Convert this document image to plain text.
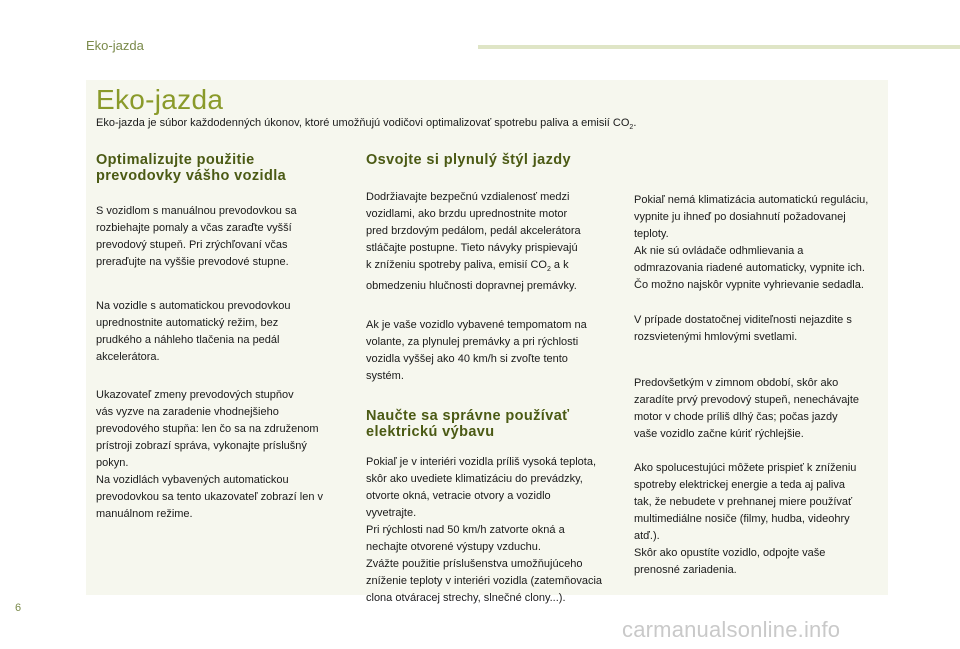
Eko-jazda
Eko-jazda
Eko-jazda je súbor každodenných úkonov, ktoré umožňujú vodičovi optimalizovať spotrebu paliva a emisií $CO_2$.
Optimalizujte použitie
prevodovky vášho vozidla

S vozidlom s manuálnou prevodovkou sa
rozbiehajte pomaly a včas zaraďte vyšší
prevodový stupeň. Pri zrýchľovaní včas
preraďujte na vyššie prevodové stupne.

Na vozidle s automatickou prevodovkou
uprednostnite automatický režim, bez
prudkého a náhleho tlačenia na pedál
akcelerátora.

Ukazovateľ zmeny prevodových stupňov
vás vyzve na zaradenie vhodnejšieho
prevodového stupňa: len čo sa na združenom
prístroji zobrazí správa, vykonajte príslušný
pokyn.
Na vozidlách vybavených automatickou
prevodovkou sa tento ukazovateľ zobrazí len v
manuálnom režime.

Osvojte si plynulý štýl jazdy

Dodržiavajte bezpečnú vzdialenosť medzi
vozidlami, ako brzdu uprednostnite motor
pred brzdovým pedálom, pedál akcelerátora
stláčajte postupne. Tieto návyky prispievajú
k zníženiu spotreby paliva, emisií $CO_2$ a k
obmedzeniu hlučnosti dopravnej premávky.

Ak je vaše vozidlo vybavené tempomatom na
volante, za plynulej premávky a pri rýchlosti
vozidla vyššej ako 40 km/h si zvoľte tento
systém.

Naučte sa správne používať
elektrickú výbavu

Pokiaľ je v interiéri vozidla príliš vysoká teplota,
skôr ako uvediete klimatizáciu do prevádzky,
otvorte okná, vetracie otvory a vozidlo
vyvetrajte.
Pri rýchlosti nad 50 km/h zatvorte okná a
nechajte otvorené výstupy vzduchu.
Zvážte použitie príslušenstva umožňujúceho
zníženie teploty v interiéri vozidla (zatemňovacia
clona otváracej strechy, slnečné clony...).

Pokiaľ nemá klimatizácia automatickú reguláciu,
vypnite ju ihneď po dosiahnutí požadovanej
teploty.
Ak nie sú ovládače odhmlievania a
odmrazovania riadené automaticky, vypnite ich.
Čo možno najskôr vypnite vyhrievanie sedadla.

V prípade dostatočnej viditeľnosti nejazdite s
rozsvietenými hmlovými svetlami.

Predovšetkým v zimnom období, skôr ako
zaradíte prvý prevodový stupeň, nenechávajte
motor v chode príliš dlhý čas; počas jazdy
vaše vozidlo začne kúriť rýchlejšie.

Ako spolucestujúci môžete prispieť k zníženiu
spotreby elektrickej energie a teda aj paliva
tak, že nebudete v prehnanej miere používať
multimediálne nosiče (filmy, hudba, videohry
atď.).
Skôr ako opustíte vozidlo, odpojte vaše
prenosné zariadenia.

6
carmanualsonline.info
